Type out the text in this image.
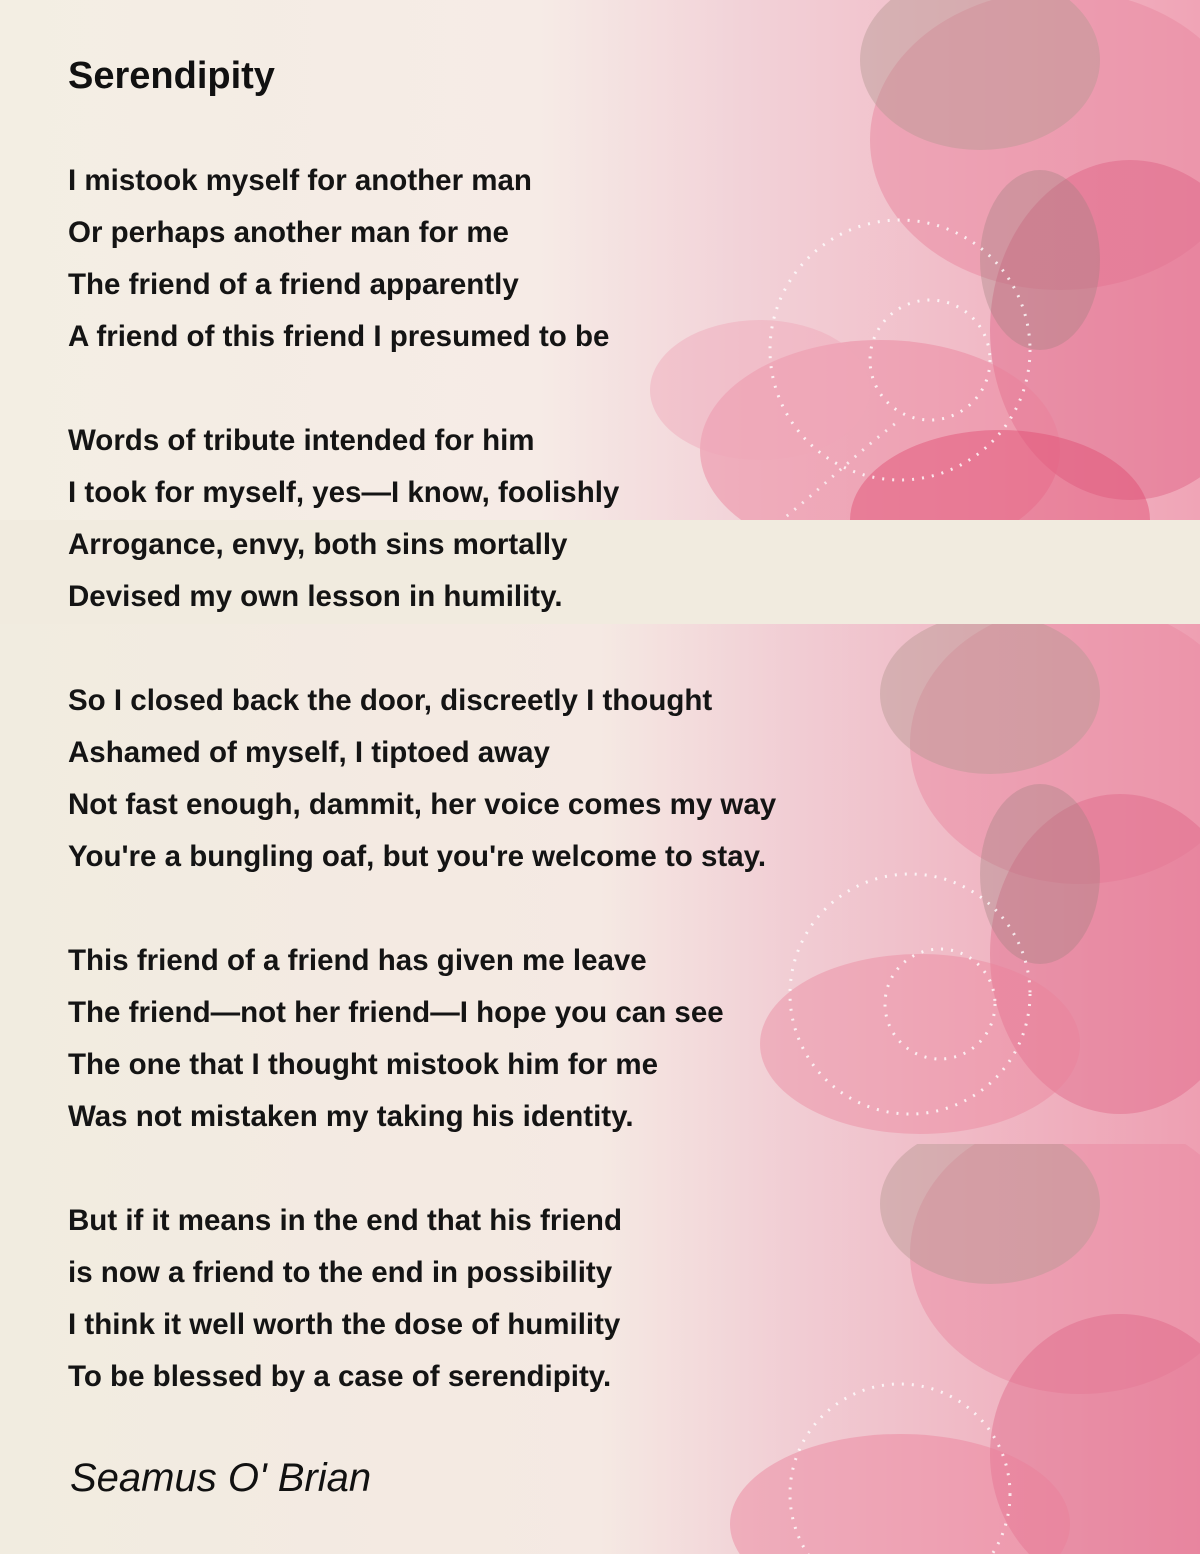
Serendipity
I mistook myself for another man
Or perhaps another man for me
The friend of a friend apparently
A friend of this friend I presumed to be
Words of tribute intended for him
I took for myself, yes—I know, foolishly
Arrogance, envy, both sins mortally
Devised my own lesson in humility.
So I closed back the door, discreetly I thought
Ashamed of myself, I tiptoed away
Not fast enough, dammit, her voice comes my way
You're a bungling oaf, but you're welcome to stay.
This friend of a friend has given me leave
The friend—not her friend—I hope you can see
The one that I thought mistook him for me
Was not mistaken my taking his identity.
But if it means in the end that his friend
is now a friend to the end in possibility
I think it well worth the dose of humility
To be blessed by a case of serendipity.
Seamus O' Brian
